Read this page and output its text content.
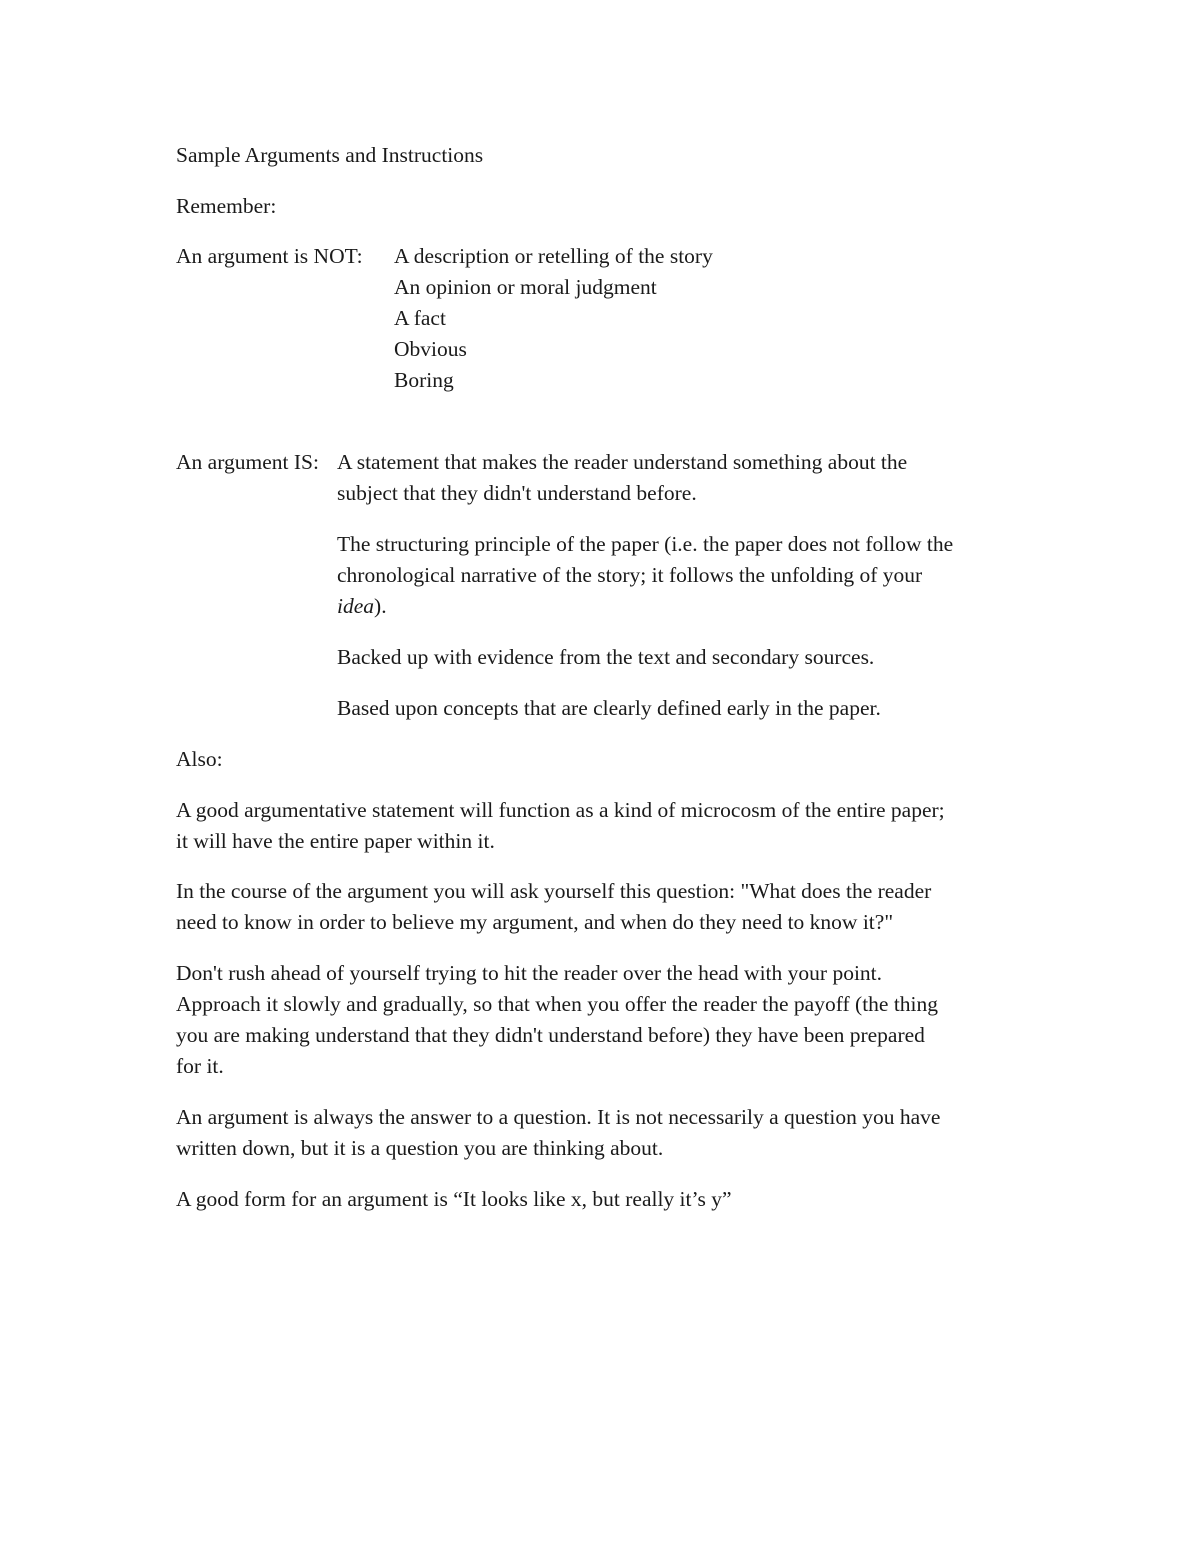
Sample Arguments and Instructions
Remember:
An argument is NOT: A description or retelling of the story
An opinion or moral judgment
A fact
Obvious
Boring
An argument IS: A statement that makes the reader understand something about the
subject that they didn't understand before.
The structuring principle of the paper (i.e. the paper does not follow the
chronological narrative of the story; it follows the unfolding of your
idea).
Backed up with evidence from the text and secondary sources.
Based upon concepts that are clearly defined early in the paper.
Also:
A good argumentative statement will function as a kind of microcosm of the entire paper;
it will have the entire paper within it.
In the course of the argument you will ask yourself this question: "What does the reader
need to know in order to believe my argument, and when do they need to know it?"
Don't rush ahead of yourself trying to hit the reader over the head with your point.
Approach it slowly and gradually, so that when you offer the reader the payoff (the thing
you are making understand that they didn't understand before) they have been prepared
for it.
An argument is always the answer to a question. It is not necessarily a question you have
written down, but it is a question you are thinking about.
A good form for an argument is “It looks like x, but really it’s y”
